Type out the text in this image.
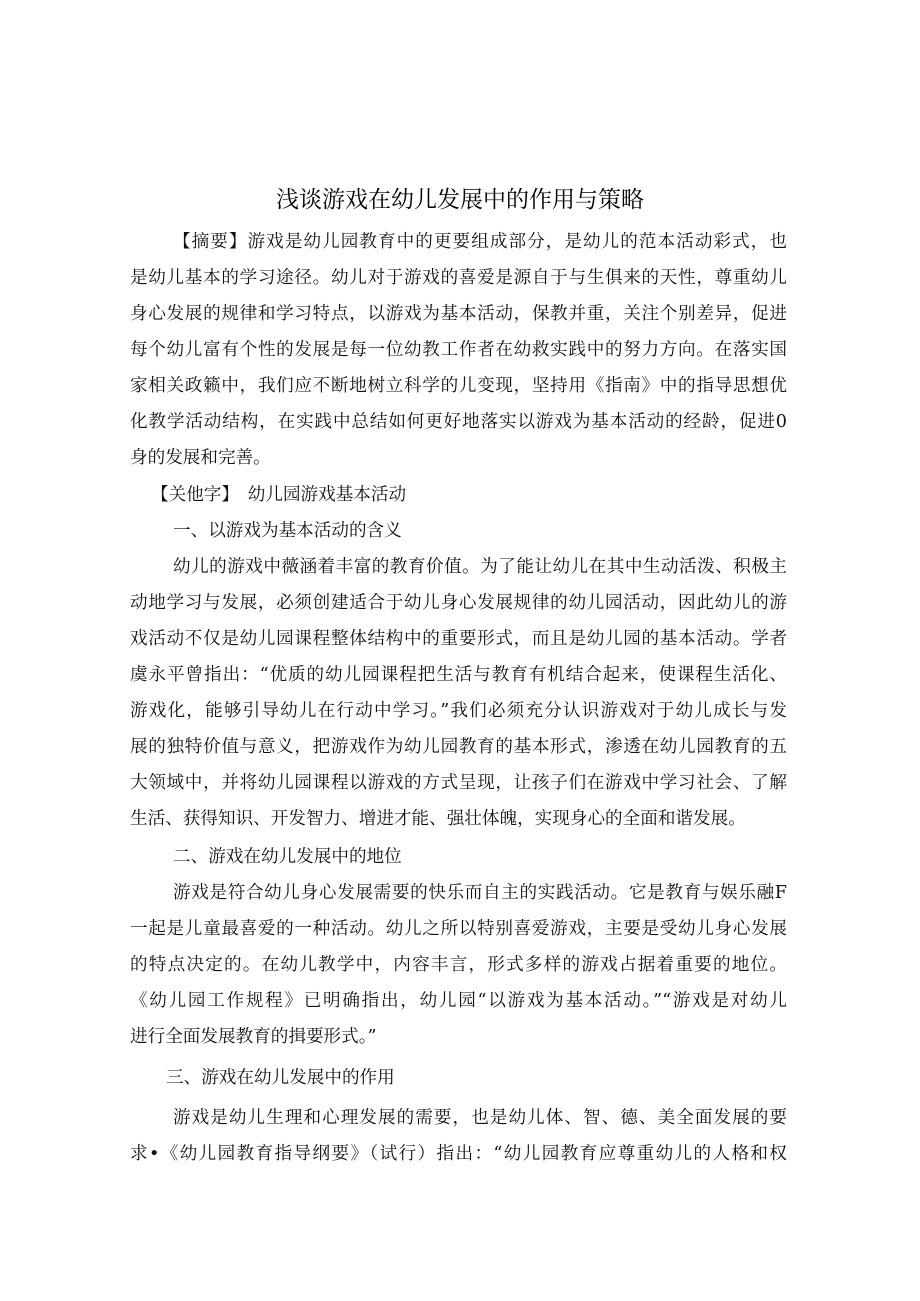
浅谈游戏在幼儿发展中的作用与策略
【摘要】游戏是幼儿园教育中的更要组成部分，是幼儿的范本活动彩式，也
是幼儿基本的学习途径。幼儿对于游戏的喜爱是源自于与生俱来的天性，尊重幼儿
身心发展的规律和学习特点，以游戏为基本活动，保教并重，关注个别差异，促进
每个幼儿富有个性的发展是每一位幼教工作者在幼救实践中的努力方向。在落实国
家相关政籁中，我们应不断地树立科学的儿变现，坚持用《指南》中的指导思想优
化教学活动结构，在实践中总结如何更好地落实以游戏为基本活动的经龄，促进0
身的发展和完善。
【关他字】　幼儿园游戏基本活动
一、以游戏为基本活动的含义
幼儿的游戏中薇涵着丰富的教育价值。为了能让幼儿在其中生动活泼、积极主
动地学习与发展，必须创建适合于幼儿身心发展规律的幼儿园活动，因此幼儿的游
戏活动不仅是幼儿园课程整体结构中的重要形式，而且是幼儿园的基本活动。学者
虞永平曾指出：“优质的幼儿园课程把生活与教育有机结合起来，使课程生活化、
游戏化，能够引导幼儿在行动中学习。”我们必须充分认识游戏对于幼儿成长与发
展的独特价值与意义，把游戏作为幼儿园教育的基本形式，渗透在幼儿园教育的五
大领域中，并将幼儿园课程以游戏的方式呈现，让孩子们在游戏中学习社会、了解
生活、获得知识、开发智力、增进才能、强壮体魄，实现身心的全面和谐发展。
二、游戏在幼儿发展中的地位
游戏是符合幼儿身心发展需要的快乐而自主的实践活动。它是教育与娱乐融F
一起是儿童最喜爱的一种活动。幼儿之所以特别喜爱游戏，主要是受幼儿身心发展
的特点决定的。在幼儿教学中，内容丰言，形式多样的游戏占据着重要的地位。
《幼儿园工作规程》已明确指出，幼儿园“以游戏为基本活动。”“游戏是对幼儿
进行全面发展教育的揖要形式。”
三、游戏在幼儿发展中的作用
游戏是幼儿生理和心理发展的需要，也是幼儿体、智、德、美全面发展的要
求•《幼儿园教育指导纲要》（试行）指出：“幼儿园教育应尊重幼儿的人格和权
